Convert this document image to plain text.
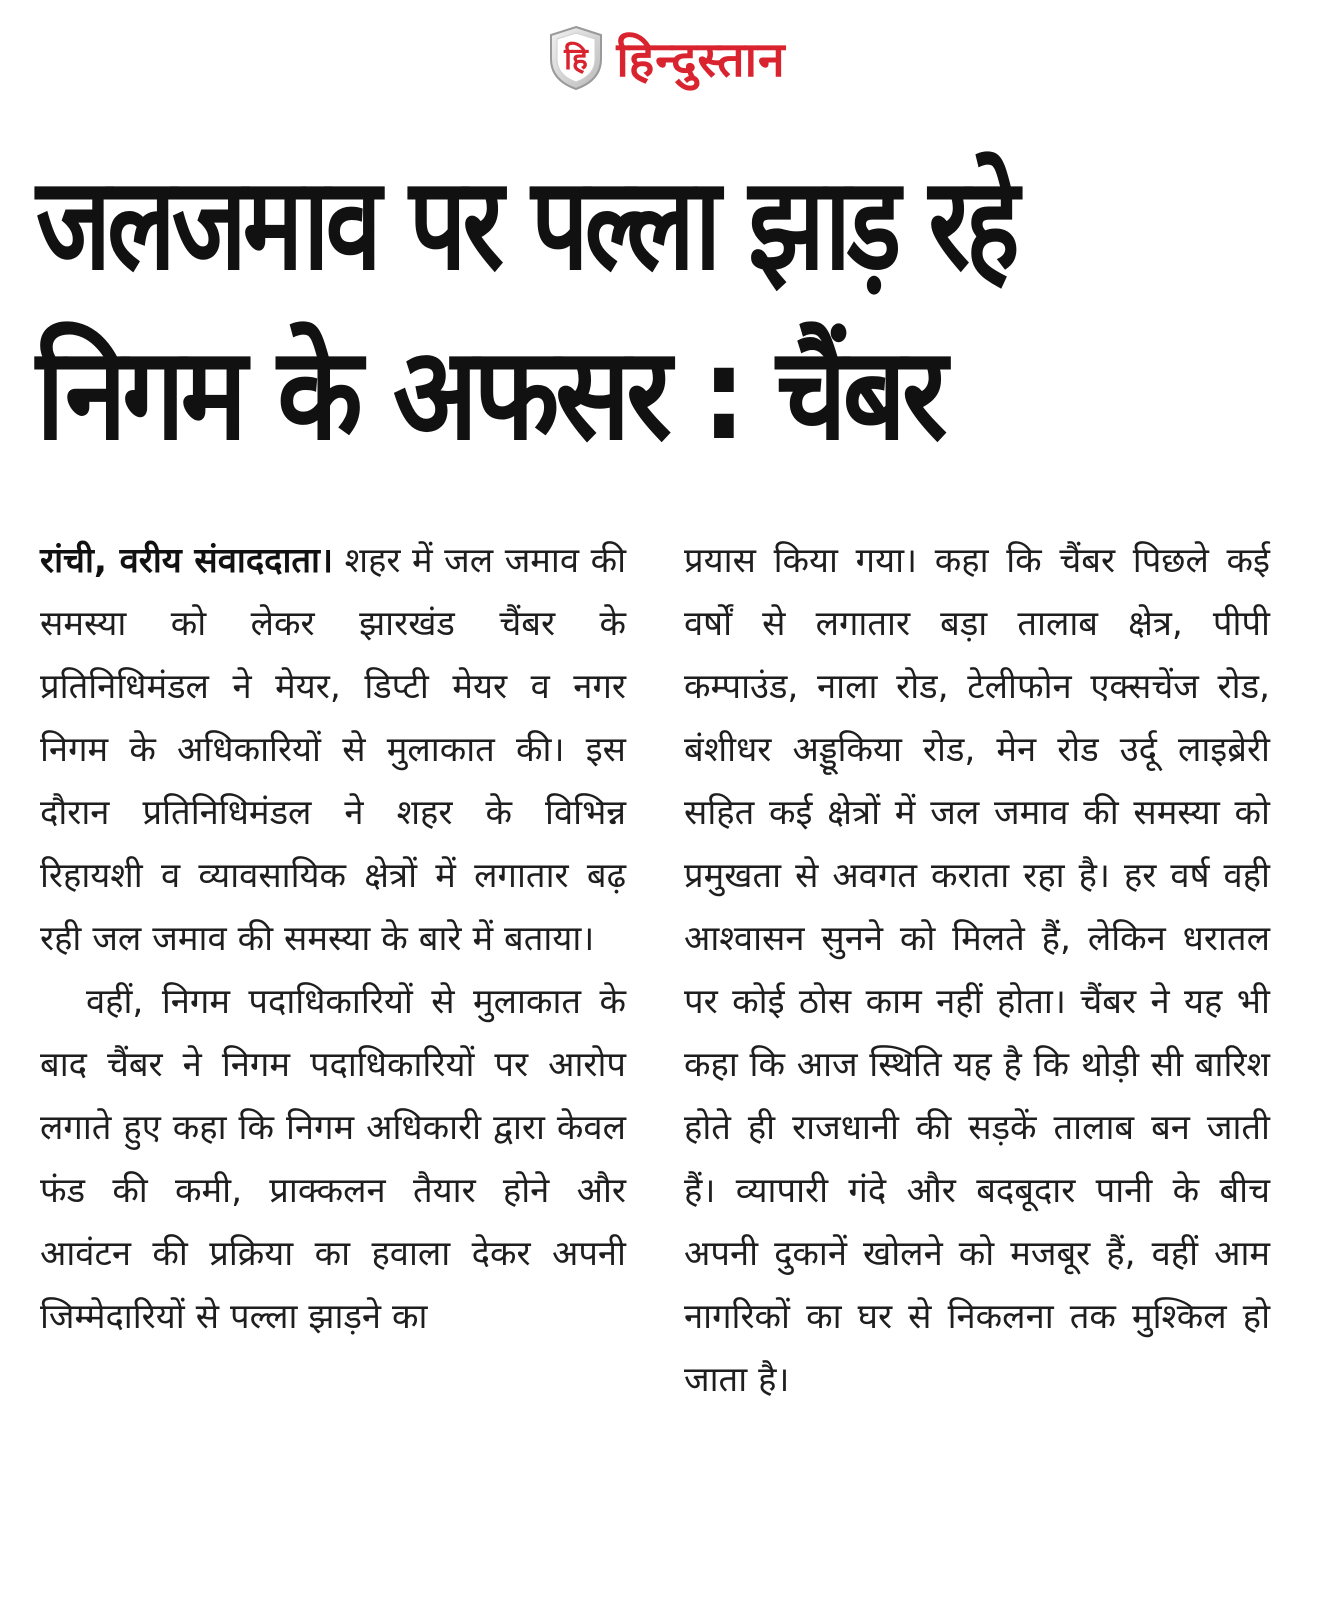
हि हिन्दुस्तान
जलजमाव पर पल्ला झाड़ रहे
निगम के अफसर : चैंबर

रांची, वरीय संवाददाता। शहर में जल जमाव की समस्या को लेकर झारखंड चैंबर के प्रतिनिधिमंडल ने मेयर, डिप्टी मेयर व नगर निगम के अधिकारियों से मुलाकात की। इस दौरान प्रतिनिधिमंडल ने शहर के विभिन्न रिहायशी व व्यावसायिक क्षेत्रों में लगातार बढ़ रही जल जमाव की समस्या के बारे में बताया।

वहीं, निगम पदाधिकारियों से मुलाकात के बाद चैंबर ने निगम पदाधिकारियों पर आरोप लगाते हुए कहा कि निगम अधिकारी द्वारा केवल फंड की कमी, प्राक्कलन तैयार होने और आवंटन की प्रक्रिया का हवाला देकर अपनी जिम्मेदारियों से पल्ला झाड़ने का

प्रयास किया गया। कहा कि चैंबर पिछले कई वर्षों से लगातार बड़ा तालाब क्षेत्र, पीपी कम्पाउंड, नाला रोड, टेलीफोन एक्सचेंज रोड, बंशीधर अड्डूकिया रोड, मेन रोड उर्दू लाइब्रेरी सहित कई क्षेत्रों में जल जमाव की समस्या को प्रमुखता से अवगत कराता रहा है। हर वर्ष वही आश्वासन सुनने को मिलते हैं, लेकिन धरातल पर कोई ठोस काम नहीं होता। चैंबर ने यह भी कहा कि आज स्थिति यह है कि थोड़ी सी बारिश होते ही राजधानी की सड़कें तालाब बन जाती हैं। व्यापारी गंदे और बदबूदार पानी के बीच अपनी दुकानें खोलने को मजबूर हैं, वहीं आम नागरिकों का घर से निकलना तक मुश्किल हो जाता है।
